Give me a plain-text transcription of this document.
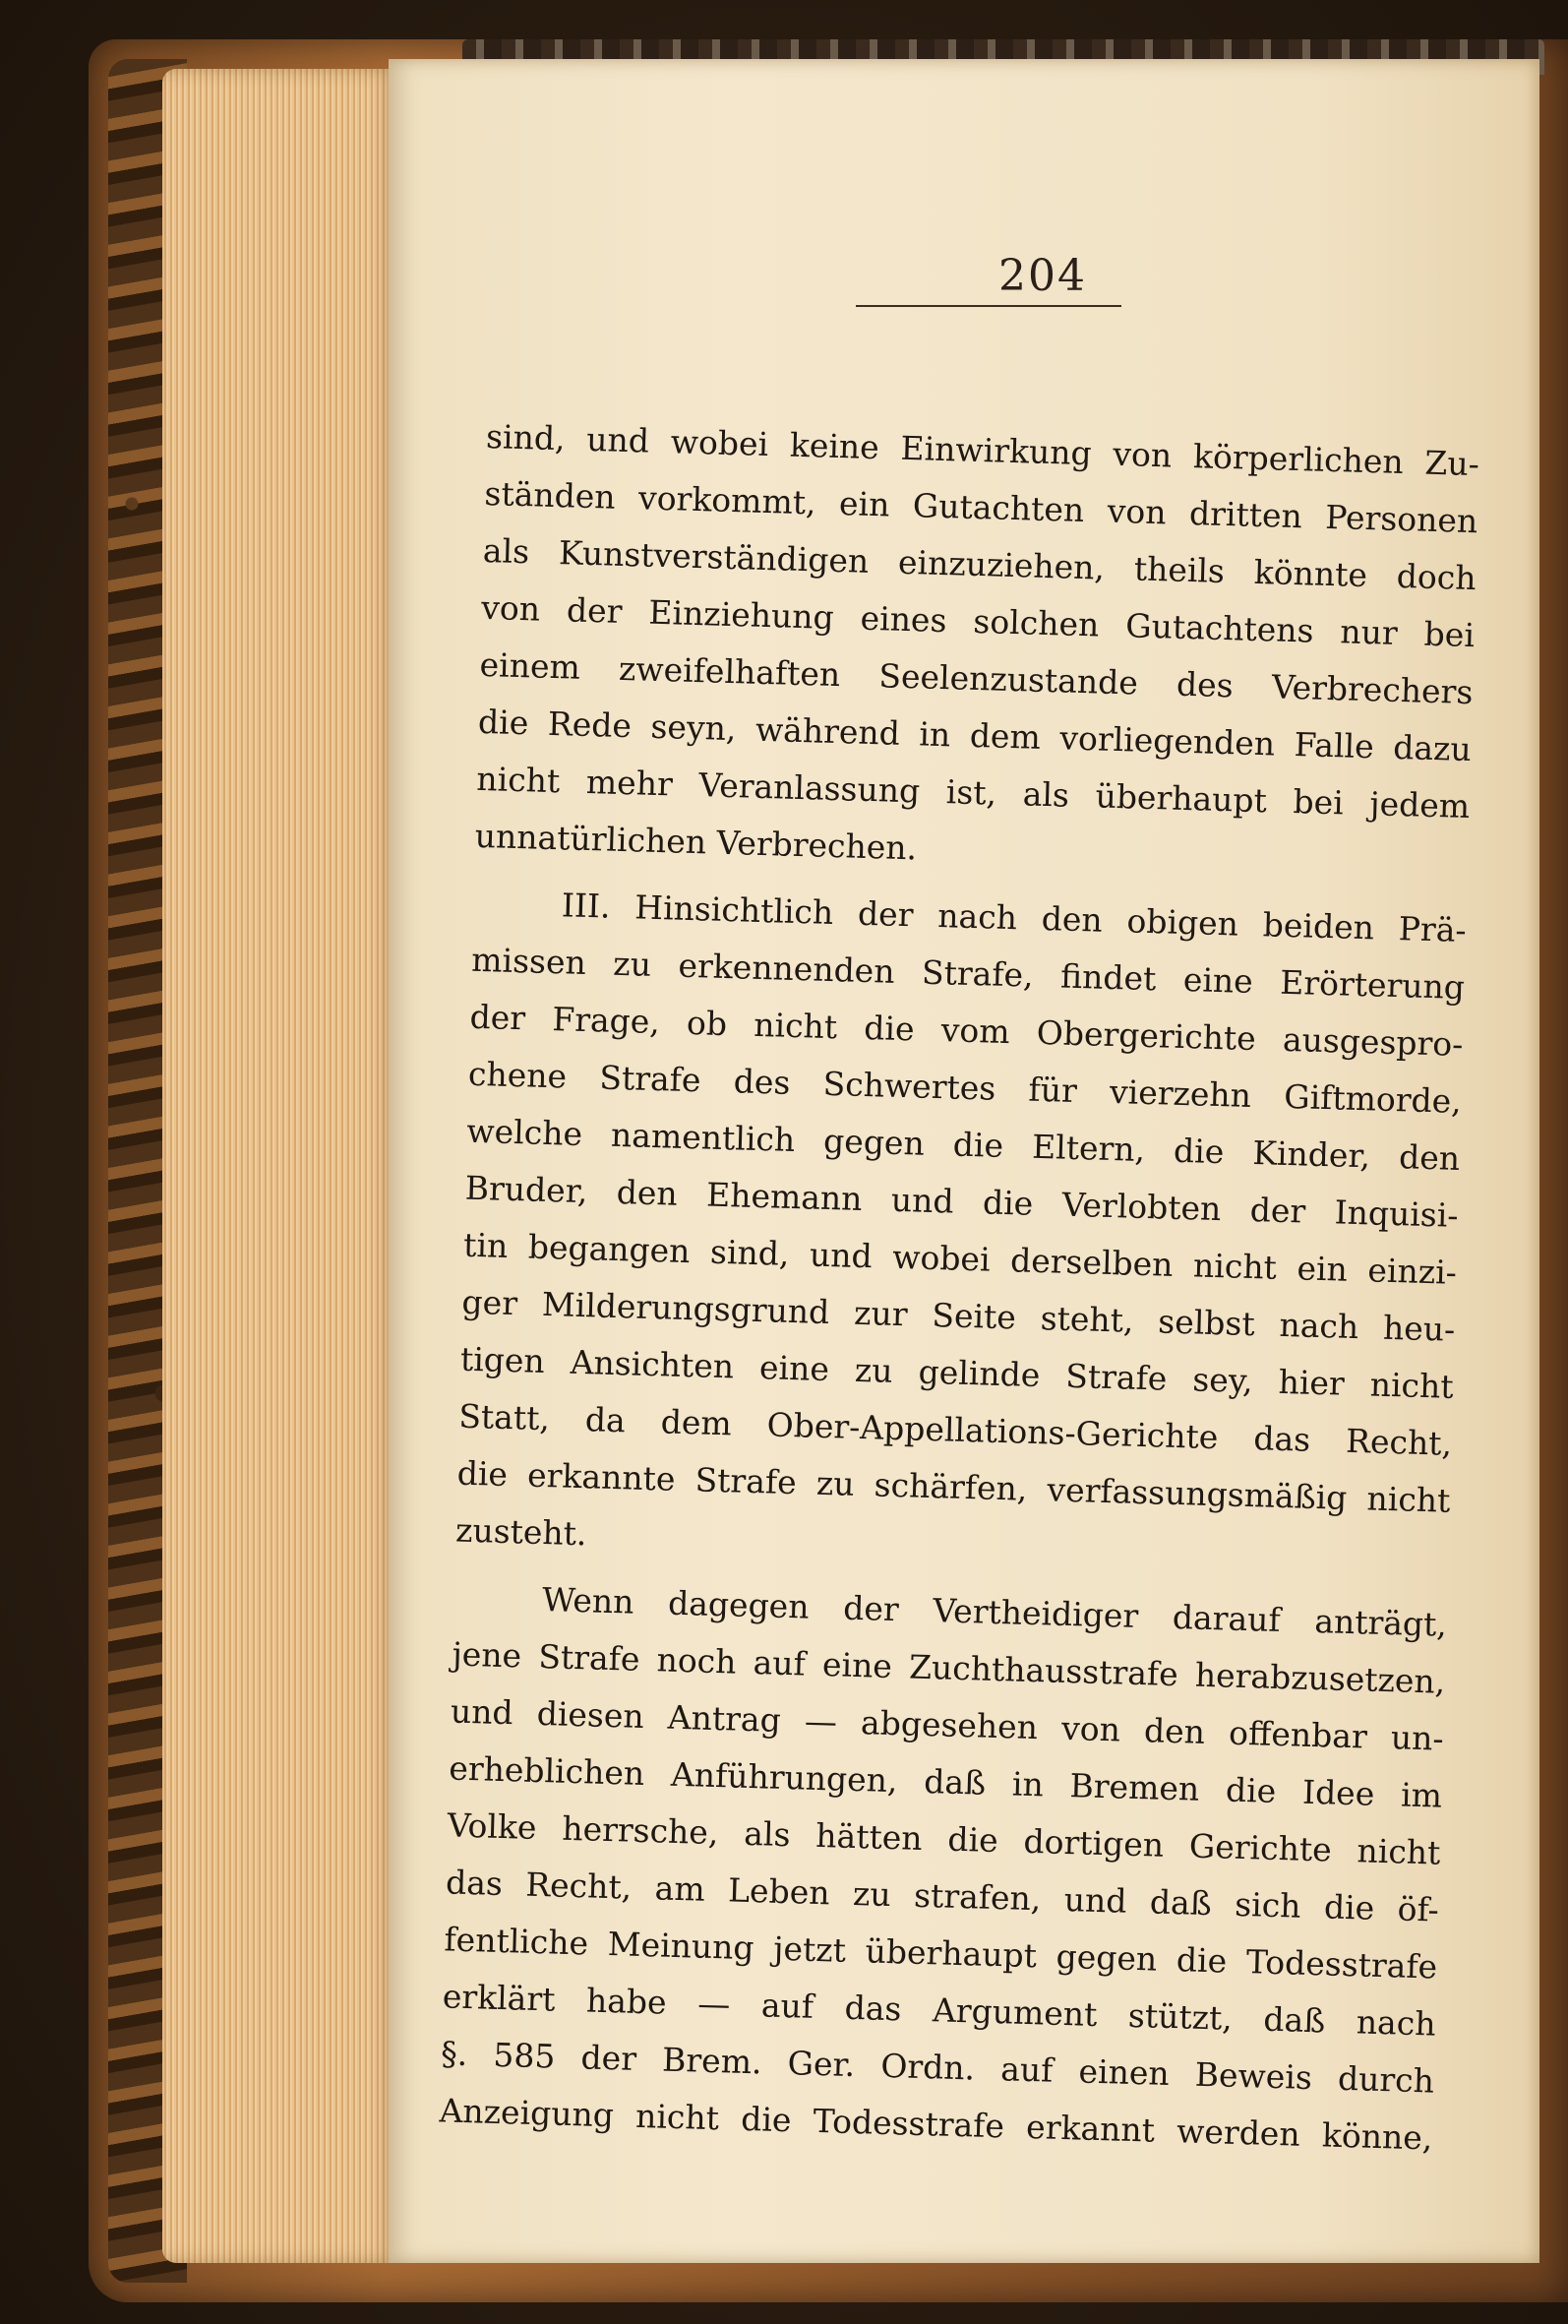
204
sind, und wobei keine Einwirkung von körperlichen Zu-
ständen vorkommt, ein Gutachten von dritten Personen
als Kunstverständigen einzuziehen, theils könnte doch
von der Einziehung eines solchen Gutachtens nur bei
einem zweifelhaften Seelenzustande des Verbrechers
die Rede seyn, während in dem vorliegenden Falle dazu
nicht mehr Veranlassung ist, als überhaupt bei jedem
unnatürlichen Verbrechen.
III. Hinsichtlich der nach den obigen beiden Prä-
missen zu erkennenden Strafe, findet eine Erörterung
der Frage, ob nicht die vom Obergerichte ausgespro-
chene Strafe des Schwertes für vierzehn Giftmorde,
welche namentlich gegen die Eltern, die Kinder, den
Bruder, den Ehemann und die Verlobten der Inquisi-
tin begangen sind, und wobei derselben nicht ein einzi-
ger Milderungsgrund zur Seite steht, selbst nach heu-
tigen Ansichten eine zu gelinde Strafe sey, hier nicht
Statt, da dem Ober-Appellations-Gerichte das Recht,
die erkannte Strafe zu schärfen, verfassungsmäßig nicht
zusteht.
Wenn dagegen der Vertheidiger darauf anträgt,
jene Strafe noch auf eine Zuchthausstrafe herabzusetzen,
und diesen Antrag — abgesehen von den offenbar un-
erheblichen Anführungen, daß in Bremen die Idee im
Volke herrsche, als hätten die dortigen Gerichte nicht
das Recht, am Leben zu strafen, und daß sich die öf-
fentliche Meinung jetzt überhaupt gegen die Todesstrafe
erklärt habe — auf das Argument stützt, daß nach
§. 585 der Brem. Ger. Ordn. auf einen Beweis durch
Anzeigung nicht die Todesstrafe erkannt werden könne,
